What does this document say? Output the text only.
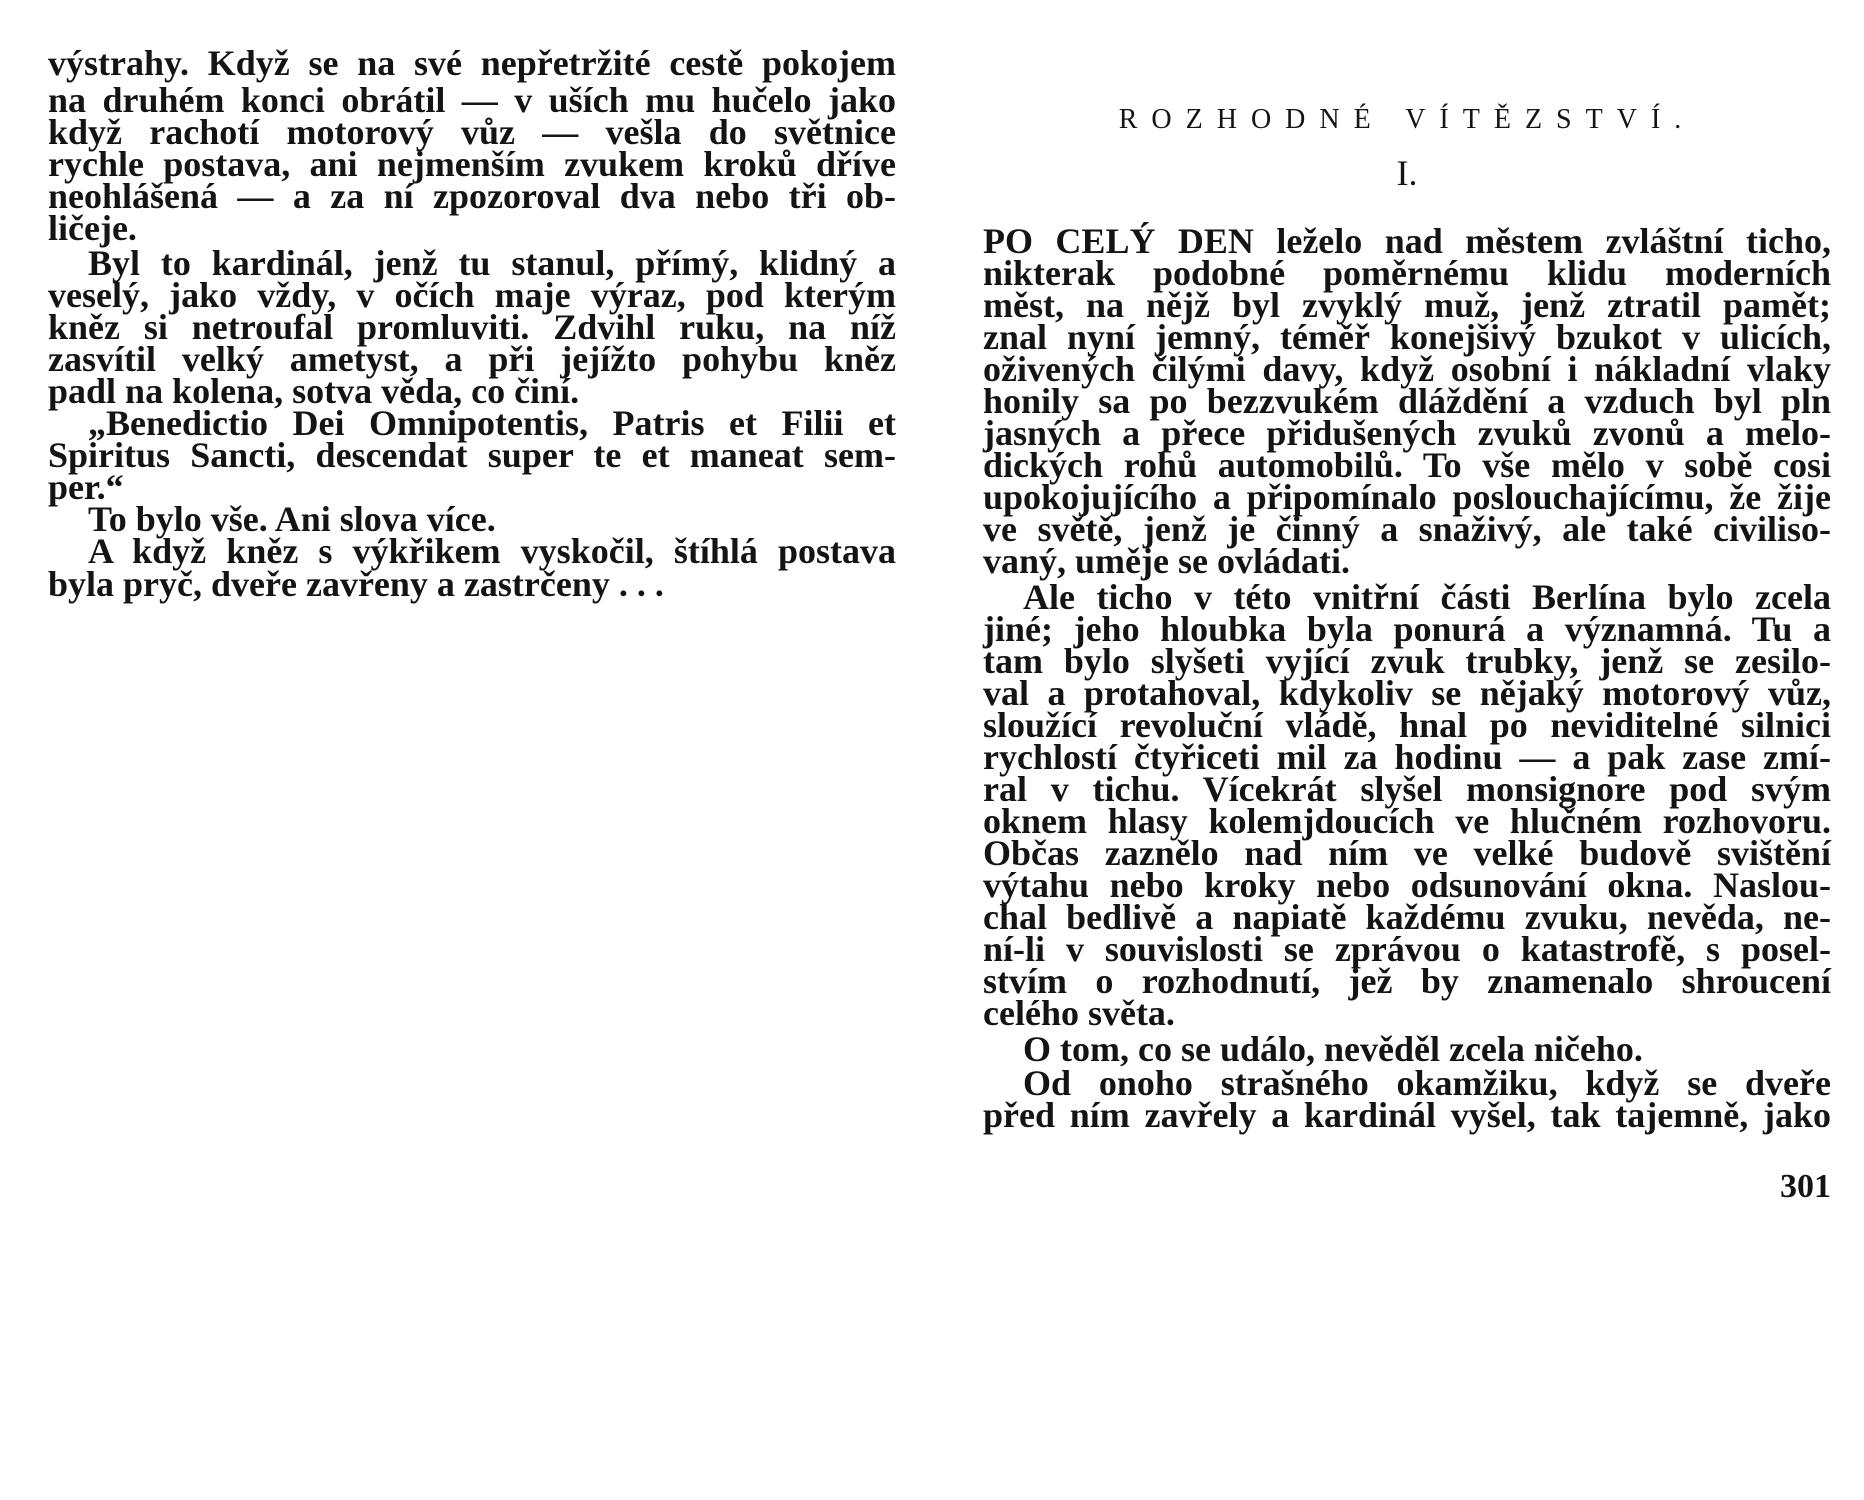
výstrahy. Když se na své nepřetržité cestě pokojem
na druhém konci obrátil — v uších mu hučelo jako
když rachotí motorový vůz — vešla do světnice
rychle postava, ani nejmenším zvukem kroků dříve
neohlášená — a za ní zpozoroval dva nebo tři ob-
ličeje.
Byl to kardinál, jenž tu stanul, přímý, klidný a
veselý, jako vždy, v očích maje výraz, pod kterým
kněz si netroufal promluviti. Zdvihl ruku, na níž
zasvítil velký ametyst, a při jejížto pohybu kněz
padl na kolena, sotva věda, co činí.
„Benedictio Dei Omnipotentis, Patris et Filii et
Spiritus Sancti, descendat super te et maneat sem-
per.“
To bylo vše. Ani slova více.
A když kněz s výkřikem vyskočil, štíhlá postava
byla pryč, dveře zavřeny a zastrčeny . . .
ROZHODNÉ VÍTĚZSTVÍ.
I.
PO CELÝ DEN leželo nad městem zvláštní ticho,
nikterak podobné poměrnému klidu moderních
měst, na nějž byl zvyklý muž, jenž ztratil pamět;
znal nyní jemný, téměř konejšivý bzukot v ulicích,
oživených čilými davy, když osobní i nákladní vlaky
honily sa po bezzvukém dláždění a vzduch byl pln
jasných a přece přidušených zvuků zvonů a melo-
dických rohů automobilů. To vše mělo v sobě cosi
upokojujícího a připomínalo poslouchajícímu, že žije
ve světě, jenž je činný a snaživý, ale také civiliso-
vaný, uměje se ovládati.
Ale ticho v této vnitřní části Berlína bylo zcela
jiné; jeho hloubka byla ponurá a významná. Tu a
tam bylo slyšeti vyjící zvuk trubky, jenž se zesilo-
val a protahoval, kdykoliv se nějaký motorový vůz,
sloužící revoluční vládě, hnal po neviditelné silnici
rychlostí čtyřiceti mil za hodinu — a pak zase zmí-
ral v tichu. Vícekrát slyšel monsignore pod svým
oknem hlasy kolemjdoucích ve hlučném rozhovoru.
Občas zaznělo nad ním ve velké budově svištění
výtahu nebo kroky nebo odsunování okna. Naslou-
chal bedlivě a napiatě každému zvuku, nevěda, ne-
ní-li v souvislosti se zprávou o katastrofě, s posel-
stvím o rozhodnutí, jež by znamenalo shroucení
celého světa.
O tom, co se událo, nevěděl zcela ničeho.
Od onoho strašného okamžiku, když se dveře
před ním zavřely a kardinál vyšel, tak tajemně, jako
301
